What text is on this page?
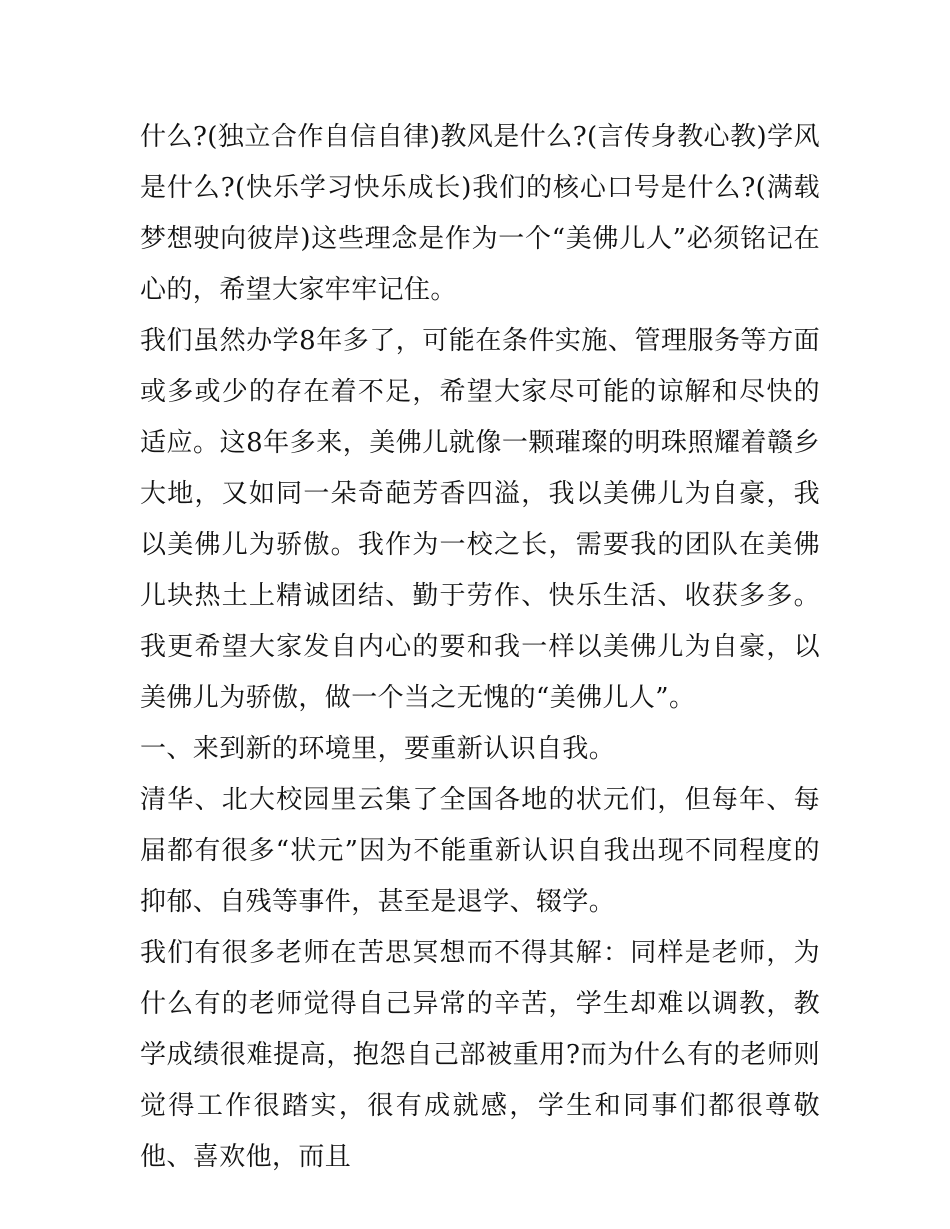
什么?(独立合作自信自律)教风是什么?(言传身教心教)学风是什么?(快乐学习快乐成长)我们的核心口号是什么?(满载梦想驶向彼岸)这些理念是作为一个“美佛儿人”必须铭记在心的，希望大家牢牢记住。

我们虽然办学8年多了，可能在条件实施、管理服务等方面或多或少的存在着不足，希望大家尽可能的谅解和尽快的适应。这8年多来，美佛儿就像一颗璀璨的明珠照耀着赣乡大地，又如同一朵奇葩芳香四溢，我以美佛儿为自豪，我以美佛儿为骄傲。我作为一校之长，需要我的团队在美佛儿块热土上精诚团结、勤于劳作、快乐生活、收获多多。我更希望大家发自内心的要和我一样以美佛儿为自豪，以美佛儿为骄傲，做一个当之无愧的“美佛儿人”。

一、来到新的环境里，要重新认识自我。

清华、北大校园里云集了全国各地的状元们，但每年、每届都有很多“状元”因为不能重新认识自我出现不同程度的抑郁、自残等事件，甚至是退学、辍学。

我们有很多老师在苦思冥想而不得其解：同样是老师，为什么有的老师觉得自己异常的辛苦，学生却难以调教，教学成绩很难提高，抱怨自己部被重用?而为什么有的老师则觉得工作很踏实，很有成就感，学生和同事们都很尊敬他、喜欢他，而且
